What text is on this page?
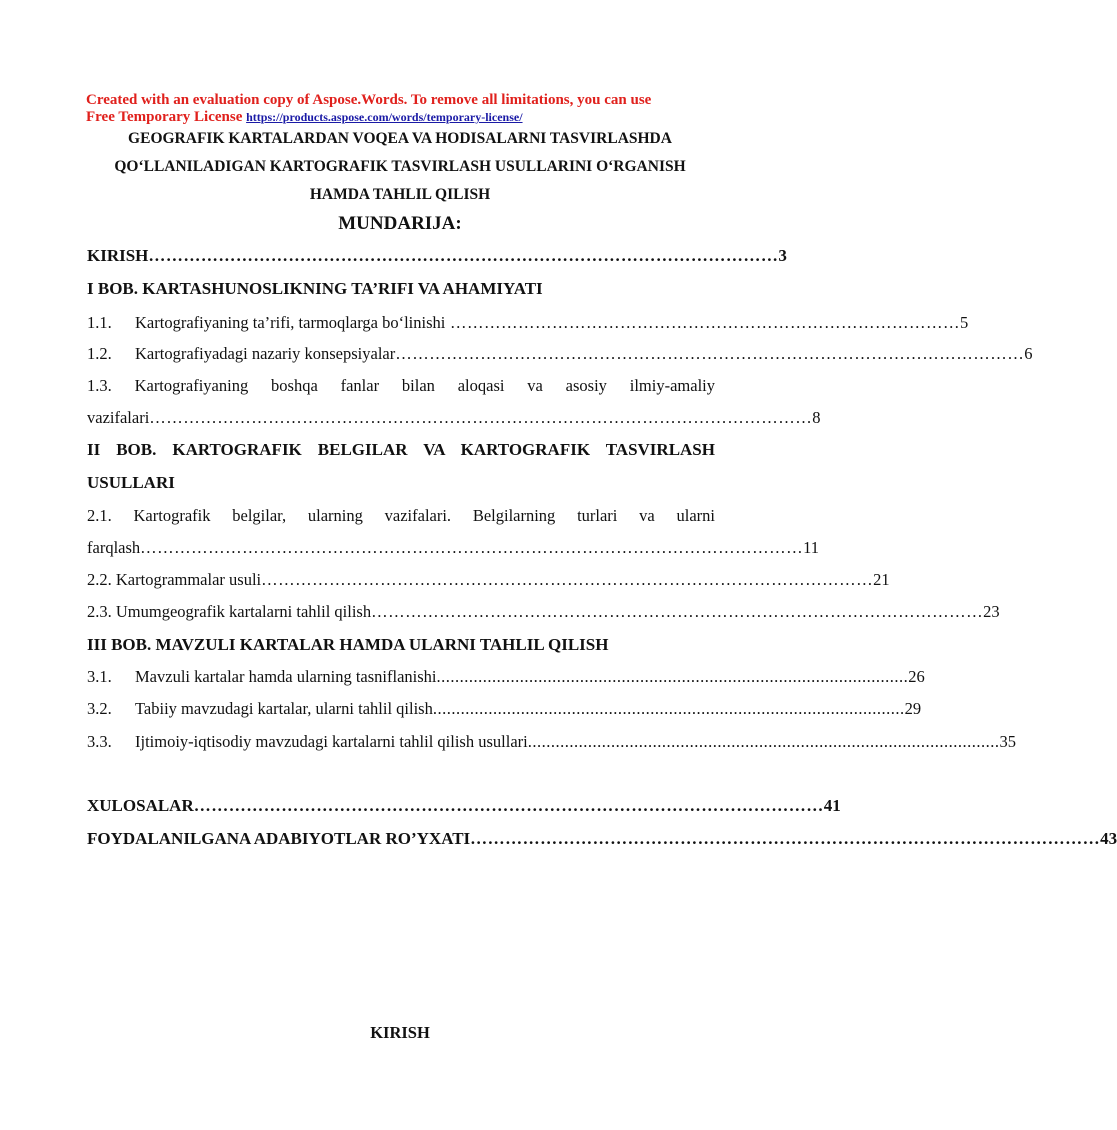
Created with an evaluation copy of Aspose.Words. To remove all limitations, you can use
Free Temporary License https://products.aspose.com/words/temporary-license/
GEOGRAFIK KARTALARDAN VOQEA VA HODISALARNI TASVIRLASHDA
QO‘LLANILADIGAN KARTOGRAFIK TASVIRLASH USULLARINI O‘RGANISH
HAMDA TAHLIL QILISH
MUNDARIJA:
KIRISH ……………………………………………………………………………………………… 3
I BOB. KARTASHUNOSLIKNING TA’RIFI VA AHAMIYATI
1.1. Kartografiyaning ta’rifi, tarmoqlarga bo‘linishi ……………………………………………………………………………… 5
1.2. Kartografiyadagi nazariy konsepsiyalar ………………………………………………………………………………………………… 6
1.3. Kartografiyaning boshqa fanlar bilan aloqasi va asosiy ilmiy-amaliy
vazifalari ……………………………………………………………………………………………………… 8
II BOB. KARTOGRAFIK BELGILAR VA KARTOGRAFIK TASVIRLASH
USULLARI
2.1. Kartografik belgilar, ularning vazifalari. Belgilarning turlari va ularni
farqlash ……………………………………………………………………………………………………… 11
2.2. Kartogrammalar usuli ……………………………………………………………………………………………… 21
2.3. Umumgeografik kartalarni tahlil qilish ……………………………………………………………………………………………… 23
III BOB. MAVZULI KARTALAR HAMDA ULARNI TAHLIL QILISH
3.1. Mavzuli kartalar hamda ularning tasniflanishi ...................................................................................................... 26
3.2. Tabiiy mavzudagi kartalar, ularni tahlil qilish ...................................................................................................... 29
3.3. Ijtimoiy-iqtisodiy mavzudagi kartalarni tahlil qilish usullari ...................................................................................................... 35
XULOSALAR ……………………………………………………………………………………………… 41
FOYDALANILGANA ADABIYOTLAR RO’YXATI ……………………………………………………………………………………………… 43
KIRISH
